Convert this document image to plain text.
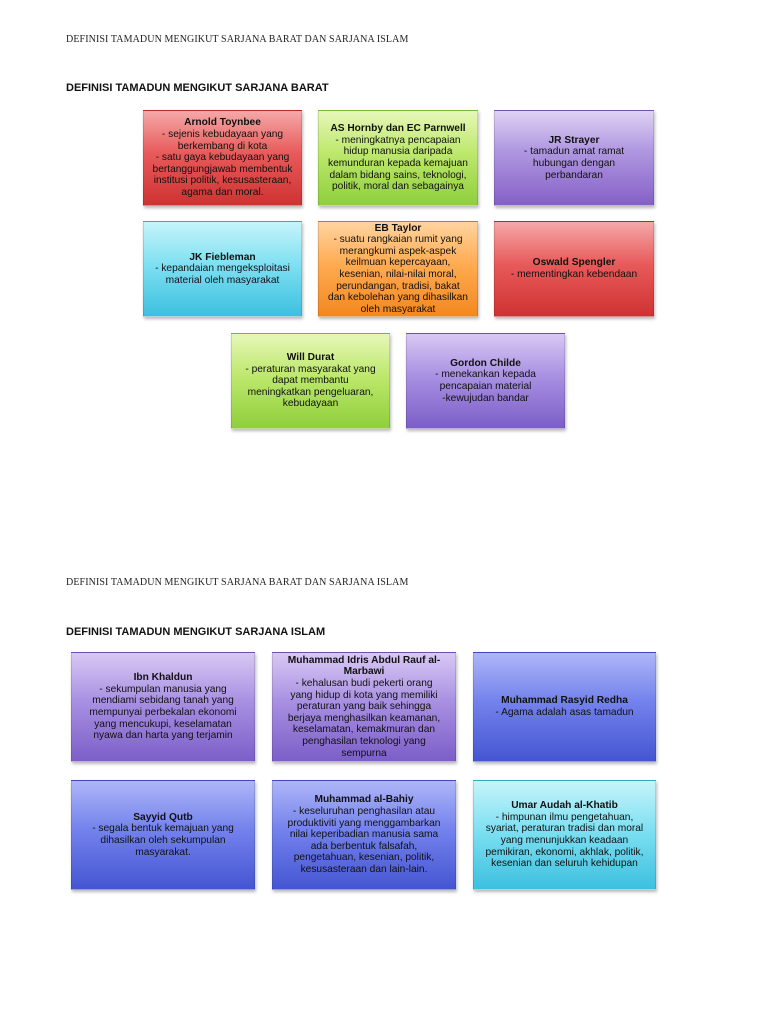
DEFINISI TAMADUN MENGIKUT SARJANA BARAT DAN SARJANA ISLAM
DEFINISI TAMADUN MENGIKUT SARJANA BARAT
Arnold Toynbee
- sejenis kebudayaan yang
berkembang di kota
- satu gaya kebudayaan yang
bertanggungjawab membentuk
institusi politik, kesusasteraan,
agama dan moral.
AS Hornby dan EC Parnwell
- meningkatnya pencapaian
hidup manusia daripada
kemunduran kepada kemajuan
dalam bidang sains, teknologi,
politik, moral dan sebagainya
JR Strayer
- tamadun amat ramat
hubungan dengan
perbandaran
JK Fiebleman
- kepandaian mengeksploitasi
material oleh masyarakat
EB Taylor
- suatu rangkaian rumit yang
merangkumi aspek-aspek
keilmuan kepercayaan,
kesenian, nilai-nilai moral,
perundangan, tradisi, bakat
dan kebolehan yang dihasilkan
oleh masyarakat
Oswald Spengler
- mementingkan kebendaan
Will Durat
- peraturan masyarakat yang
dapat membantu
meningkatkan pengeluaran,
kebudayaan
Gordon Childe
- menekankan kepada
pencapaian material
-kewujudan bandar
DEFINISI TAMADUN MENGIKUT SARJANA BARAT DAN SARJANA ISLAM
DEFINISI TAMADUN MENGIKUT SARJANA ISLAM
Ibn Khaldun
- sekumpulan manusia yang
mendiami sebidang tanah yang
mempunyai perbekalan ekonomi
yang mencukupi, keselamatan
nyawa dan harta yang terjamin
Muhammad Idris Abdul Rauf al-Marbawi
- kehalusan budi pekerti orang
yang hidup di kota yang memiliki
peraturan yang baik sehingga
berjaya menghasilkan keamanan,
keselamatan, kemakmuran dan
penghasilan teknologi yang
sempurna
Muhammad Rasyid Redha
- Agama adalah asas tamadun
Sayyid Qutb
- segala bentuk kemajuan yang
dihasilkan oleh sekumpulan
masyarakat.
Muhammad al-Bahiy
- keseluruhan penghasilan atau
produktiviti yang menggambarkan
nilai keperibadian manusia sama
ada berbentuk falsafah,
pengetahuan, kesenian, politik,
kesusasteraan dan lain-lain.
Umar Audah al-Khatib
- himpunan ilmu pengetahuan,
syariat, peraturan tradisi dan moral
yang menunjukkan keadaan
pemikiran, ekonomi, akhlak, politik,
kesenian dan seluruh kehidupan
